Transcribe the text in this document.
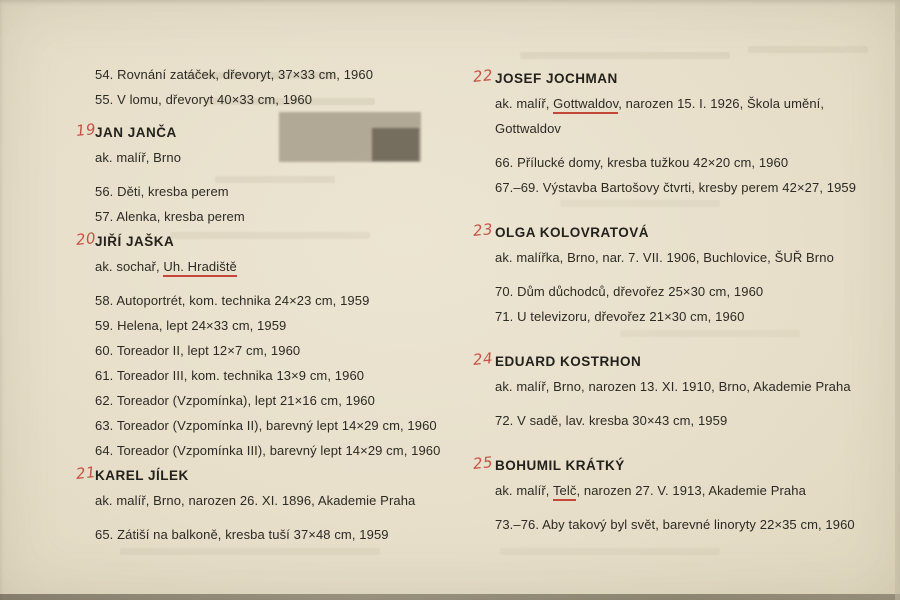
54. Rovnání zatáček, dřevoryt, 37×33 cm, 1960
55. V lomu, dřevoryt 40×33 cm, 1960
19
JAN JANČA

ak. malíř, Brno

56. Děti, kresba perem
57. Alenka, kresba perem
20
JIŘÍ JAŠKA

ak. sochař, Uh. Hradiště

58. Autoportrét, kom. technika 24×23 cm, 1959
59. Helena, lept 24×33 cm, 1959
60. Toreador II, lept 12×7 cm, 1960
61. Toreador III, kom. technika 13×9 cm, 1960
62. Toreador (Vzpomínka), lept 21×16 cm, 1960
63. Toreador (Vzpomínka II), barevný lept 14×29 cm, 1960
64. Toreador (Vzpomínka III), barevný lept 14×29 cm, 1960
21
KAREL JÍLEK

ak. malíř, Brno, narozen 26. XI. 1896, Akademie Praha

65. Zátiší na balkoně, kresba tuší 37×48 cm, 1959
22 JOSEF JOCHMAN

ak. malíř, Gottwaldov, narozen 15. I. 1926, Škola umění,

Gottwaldov

66. Přílucké domy, kresba tužkou 42×20 cm, 1960
67.–69. Výstavba Bartošovy čtvrti, kresby perem 42×27, 1959
23 OLGA KOLOVRATOVÁ

ak. malířka, Brno, nar. 7. VII. 1906, Buchlovice, ŠUŘ Brno

70. Dům důchodců, dřevořez 25×30 cm, 1960
71. U televizoru, dřevořez 21×30 cm, 1960
24 EDUARD KOSTRHON

ak. malíř, Brno, narozen 13. XI. 1910, Brno, Akademie Praha

72. V sadě, lav. kresba 30×43 cm, 1959
25 BOHUMIL KRÁTKÝ

ak. malíř, Telč, narozen 27. V. 1913, Akademie Praha

73.–76. Aby takový byl svět, barevné linoryty 22×35 cm, 1960
